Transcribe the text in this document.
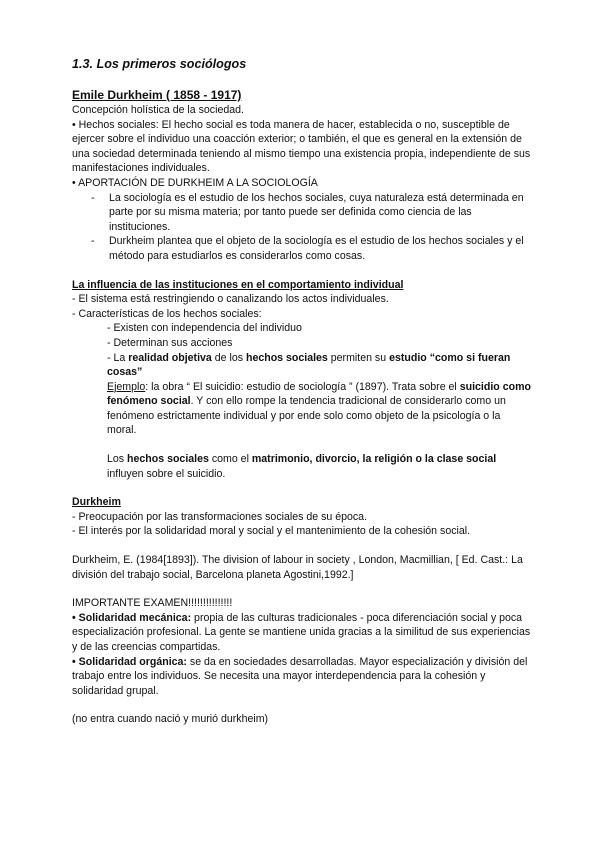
1.3. Los primeros sociólogos

Emile Durkheim ( 1858 - 1917)

Concepción holística de la sociedad.

• Hechos sociales: El hecho social es toda manera de hacer, establecida o no, susceptible de ejercer sobre el individuo una coacción exterior; o también, el que es general en la extensión de una sociedad determinada teniendo al mismo tiempo una existencia propia, independiente de sus manifestaciones individuales.

• APORTACIÓN DE DURKHEIM A LA SOCIOLOGÍA

- La sociología es el estudio de los hechos sociales, cuya naturaleza está determinada en parte por su misma materia; por tanto puede ser definida como ciencia de las instituciones.
- Durkheim plantea que el objeto de la sociología es el estudio de los hechos sociales y el método para estudiarlos es considerarlos como cosas.

La influencia de las instituciones en el comportamiento individual

- El sistema está restringiendo o canalizando los actos individuales.

- Características de los hechos sociales:

- Existen con independencia del individuo

- Determinan sus acciones

- La realidad objetiva de los hechos sociales permiten su estudio “como si fueran cosas”

Ejemplo: la obra “ El suicidio: estudio de sociología ” (1897). Trata sobre el suicidio como fenómeno social. Y con ello rompe la tendencia tradicional de considerarlo como un fenómeno estrictamente individual y por ende solo como objeto de la psicología o la moral.

Los hechos sociales como el matrimonio, divorcio, la religión o la clase social influyen sobre el suicidio.

Durkheim

- Preocupación por las transformaciones sociales de su época.

- El interés por la solidaridad moral y social y el mantenimiento de la cohesión social.

Durkheim, E. (1984[1893]). The division of labour in society , London, Macmillian, [ Ed. Cast.: La división del trabajo social, Barcelona planeta Agostini,1992.]

IMPORTANTE EXAMEN!!!!!!!!!!!!!!!

• Solidaridad mecánica: propia de las culturas tradicionales - poca diferenciación social y poca especialización profesional. La gente se mantiene unida gracias a la similitud de sus experiencias y de las creencias compartidas.

• Solidaridad orgánica: se da en sociedades desarrolladas. Mayor especialización y división del trabajo entre los individuos. Se necesita una mayor interdependencia para la cohesión y solidaridad grupal.

(no entra cuando nació y murió durkheim)
